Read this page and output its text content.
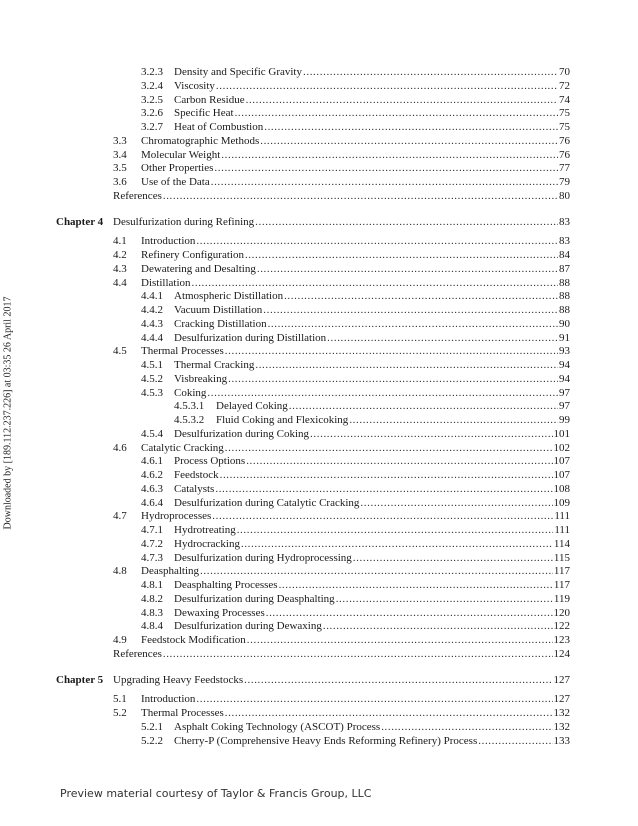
Downloaded by [189.112.237.226] at 03:35 26 April 2017
3.2.3	Density and Specific Gravity .....	70
3.2.4	Viscosity .....	72
3.2.5	Carbon Residue .....	74
3.2.6	Specific Heat .....	75
3.2.7	Heat of Combustion .....	75
3.3	Chromatographic Methods .....	76
3.4	Molecular Weight .....	76
3.5	Other Properties .....	77
3.6	Use of the Data .....	79
References .....	80
Chapter 4 Desulfurization during Refining .....	83
4.1	Introduction .....	83
4.2	Refinery Configuration .....	84
4.3	Dewatering and Desalting .....	87
4.4	Distillation .....	88
4.4.1	Atmospheric Distillation .....	88
4.4.2	Vacuum Distillation .....	88
4.4.3	Cracking Distillation .....	90
4.4.4	Desulfurization during Distillation .....	91
4.5	Thermal Processes .....	93
4.5.1	Thermal Cracking .....	94
4.5.2	Visbreaking .....	94
4.5.3	Coking .....	97
4.5.3.1	Delayed Coking .....	97
4.5.3.2	Fluid Coking and Flexicoking .....	99
4.5.4	Desulfurization during Coking .....	101
4.6	Catalytic Cracking .....	102
4.6.1	Process Options .....	107
4.6.2	Feedstock .....	107
4.6.3	Catalysts .....	108
4.6.4	Desulfurization during Catalytic Cracking .....	109
4.7	Hydroprocesses .....	111
4.7.1	Hydrotreating .....	111
4.7.2	Hydrocracking .....	114
4.7.3	Desulfurization during Hydroprocessing .....	115
4.8	Deasphalting .....	117
4.8.1	Deasphalting Processes .....	117
4.8.2	Desulfurization during Deasphalting .....	119
4.8.3	Dewaxing Processes .....	120
4.8.4	Desulfurization during Dewaxing .....	122
4.9	Feedstock Modification .....	123
References .....	124
Chapter 5 Upgrading Heavy Feedstocks .....	127
5.1	Introduction .....	127
5.2	Thermal Processes .....	132
5.2.1	Asphalt Coking Technology (ASCOT) Process .....	132
5.2.2	Cherry-P (Comprehensive Heavy Ends Reforming Refinery) Process .....	133
Preview material courtesy of Taylor & Francis Group, LLC
